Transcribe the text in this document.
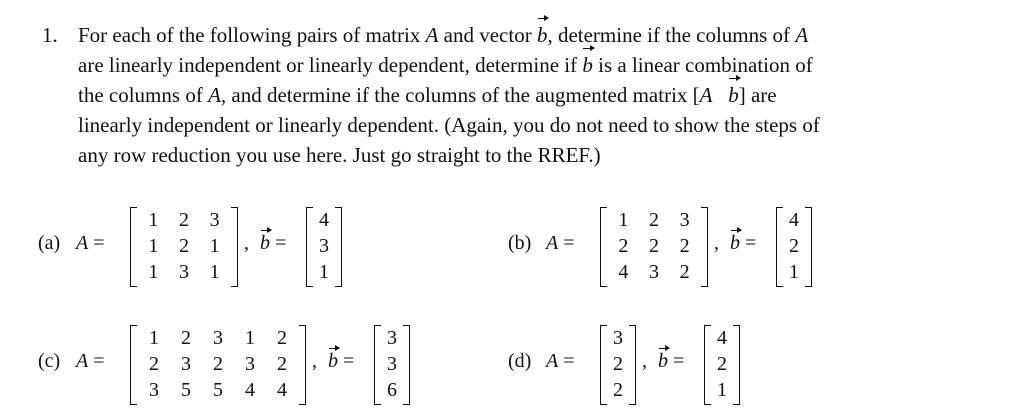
1. For each of the following pairs of matrix A and vector b, determine if the columns of A
are linearly independent or linearly dependent, determine if b is a linear combination of
the columns of A, and determine if the columns of the augmented matrix [A b] are
linearly independent or linearly dependent. (Again, you do not need to show the steps of
any row reduction you use here. Just go straight to the RREF.)
(a) A =
1	2	3
1	2	1
1	3	1
, b =
4
3
1
(b) A =
1	2	3
2	2	2
4	3	2
, b =
4
2
1
(c) A =
1	2	3	1	2
2	3	2	3	2
3	5	5	4	4
, b =
3
3
6
(d) A =
3
2
2
, b =
4
2
1
